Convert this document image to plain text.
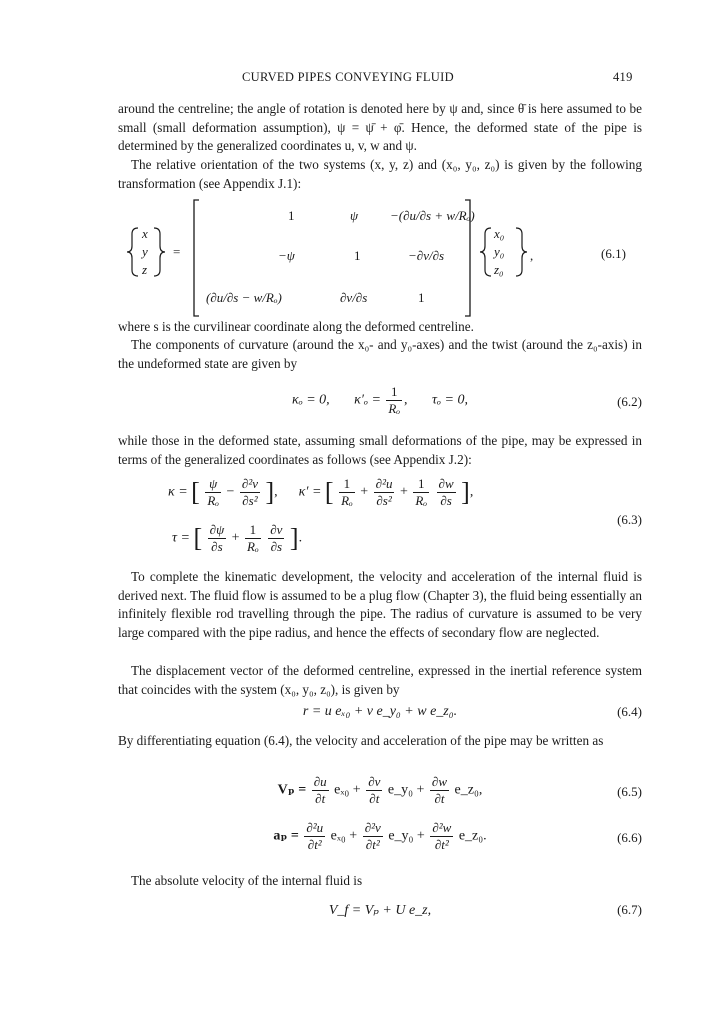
CURVED PIPES CONVEYING FLUID	419

around the centreline; the angle of rotation is denoted here by ψ and, since θ̄ is here assumed to be small (small deformation assumption), ψ = ψ̄ + φ̄. Hence, the deformed state of the pipe is determined by the generalized coordinates u, v, w and ψ.

The relative orientation of the two systems (x, y, z) and (x₀, y₀, z₀) is given by the following transformation (see Appendix J.1):

x
y
z
=
1	ψ −(∂u/∂s + w/Rₒ)
−ψ	1	−∂v/∂s
(∂u/∂s − w/Rₒ)	∂v/∂s	1
x₀
y₀
z₀
,	(6.1)

where s is the curvilinear coordinate along the deformed centreline.

The components of curvature (around the x₀- and y₀-axes) and the twist (around the z₀-axis) in the undeformed state are given by

κₒ = 0, $\kappa'_o = \frac{1}{\text{Rₒ}}$ ,       τₒ = 0,	(6.2)

while those in the deformed state, assuming small deformations of the pipe, may be expressed in terms of the generalized coordinates as follows (see Appendix J.2):

κ = [ $\frac{\psi}{\text{Rₒ}} - \frac{\text{∂²v}}{\text{∂s²}}$ ],      κ′ = [ $\frac{1}{\text{Rₒ}} + \frac{\text{∂²u}}{\text{∂s²}} + \frac{1}{\text{Rₒ}}$
$\frac{\partial w}{\partial s}$ ],
τ = [ $\frac{\partial\psi}{\partial s} + \frac{1}{\text{Rₒ}}$
$\frac{\partial v}{\partial s}$ ].
(6.3)

To complete the kinematic development, the velocity and acceleration of the internal fluid is derived next. The fluid flow is assumed to be a plug flow (Chapter 3), the fluid being essentially an infinitely flexible rod travelling through the pipe. The radius of curvature is assumed to be very large compared with the pipe radius, and hence the effects of secondary flow are neglected.

The displacement vector of the deformed centreline, expressed in the inertial reference system that coincides with the system (x₀, y₀, z₀), is given by

r = u eₓ₀ + v e_y₀ + w e_z₀.	(6.4)

By differentiating equation (6.4), the velocity and acceleration of the pipe may be written as

$V_p = \frac{\partial u}{\partial t} e_{x0} + \frac{\partial v}{\partial t}$ e_y₀ + $\frac{\partial w}{\partial t}$ e_z₀,	(6.5)
$a_p = \frac{\text{∂²u}}{\text{∂t²}} e_{x0} + \frac{\text{∂²v}}{\text{∂t²}}$ e_y₀ + $\frac{\text{∂²w}}{\text{∂t²}}$ e_z₀.	(6.6)

The absolute velocity of the internal fluid is

V_f = Vₚ + U e_z,	(6.7)
